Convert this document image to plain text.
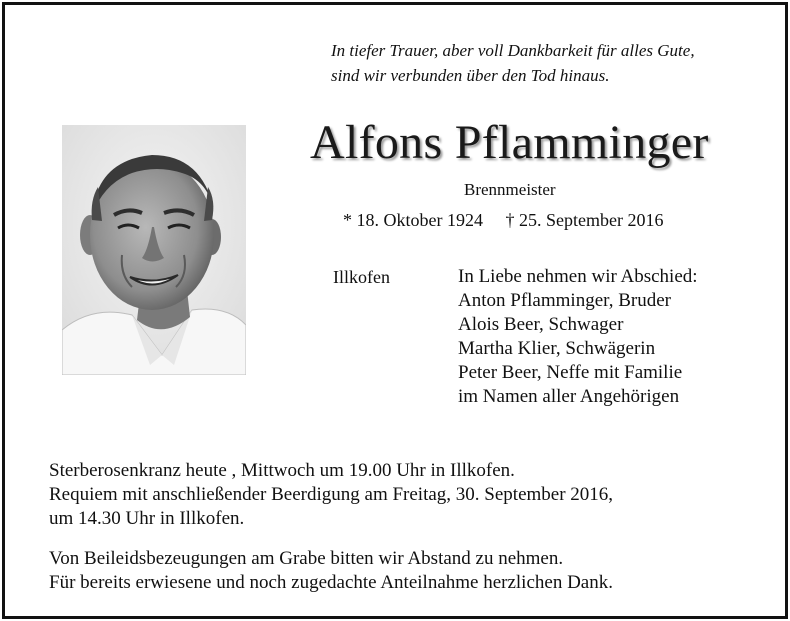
In tiefer Trauer, aber voll Dankbarkeit für alles Gute,
sind wir verbunden über den Tod hinaus.
Alfons Pflamminger
Brennmeister
* 18. Oktober 1924 † 25. September 2016
Illkofen	In Liebe nehmen wir Abschied:
Anton Pflamminger, Bruder
Alois Beer, Schwager
Martha Klier, Schwägerin
Peter Beer, Neffe mit Familie
im Namen aller Angehörigen
Sterberosenkranz heute , Mittwoch um 19.00 Uhr in Illkofen.
Requiem mit anschließender Beerdigung am Freitag, 30. September 2016,
um 14.30 Uhr in Illkofen.
Von Beileidsbezeugungen am Grabe bitten wir Abstand zu nehmen.
Für bereits erwiesene und noch zugedachte Anteilnahme herzlichen Dank.
